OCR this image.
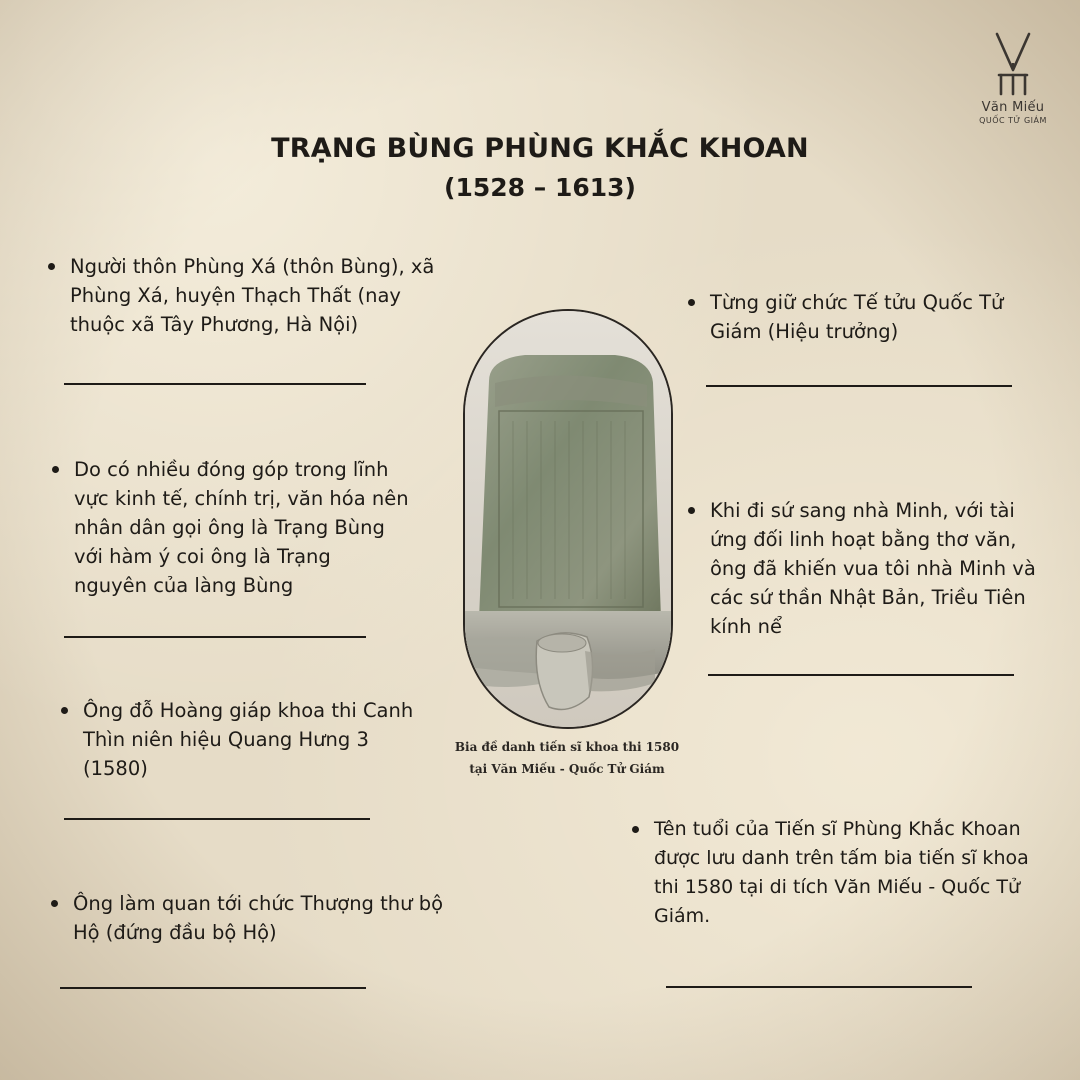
Văn Miếu
QUỐC TỬ GIÁM
TRẠNG BÙNG PHÙNG KHẮC KHOAN
(1528 – 1613)
Người thôn Phùng Xá (thôn Bùng), xã
Phùng Xá, huyện Thạch Thất (nay
thuộc xã Tây Phương, Hà Nội)
Do có nhiều đóng góp trong lĩnh
vực kinh tế, chính trị, văn hóa nên
nhân dân gọi ông là Trạng Bùng
với hàm ý coi ông là Trạng
nguyên của làng Bùng
Ông đỗ Hoàng giáp khoa thi Canh
Thìn niên hiệu Quang Hưng 3
(1580)
Ông làm quan tới chức Thượng thư bộ
Hộ (đứng đầu bộ Hộ)
Từng giữ chức Tế tửu Quốc Tử
Giám (Hiệu trưởng)
Khi đi sứ sang nhà Minh, với tài
ứng đối linh hoạt bằng thơ văn,
ông đã khiến vua tôi nhà Minh và
các sứ thần Nhật Bản, Triều Tiên
kính nể
Tên tuổi của Tiến sĩ Phùng Khắc Khoan
được lưu danh trên tấm bia tiến sĩ khoa
thi 1580 tại di tích Văn Miếu - Quốc Tử
Giám.
Bia đề danh tiến sĩ khoa thi 1580
tại Văn Miếu - Quốc Tử Giám
